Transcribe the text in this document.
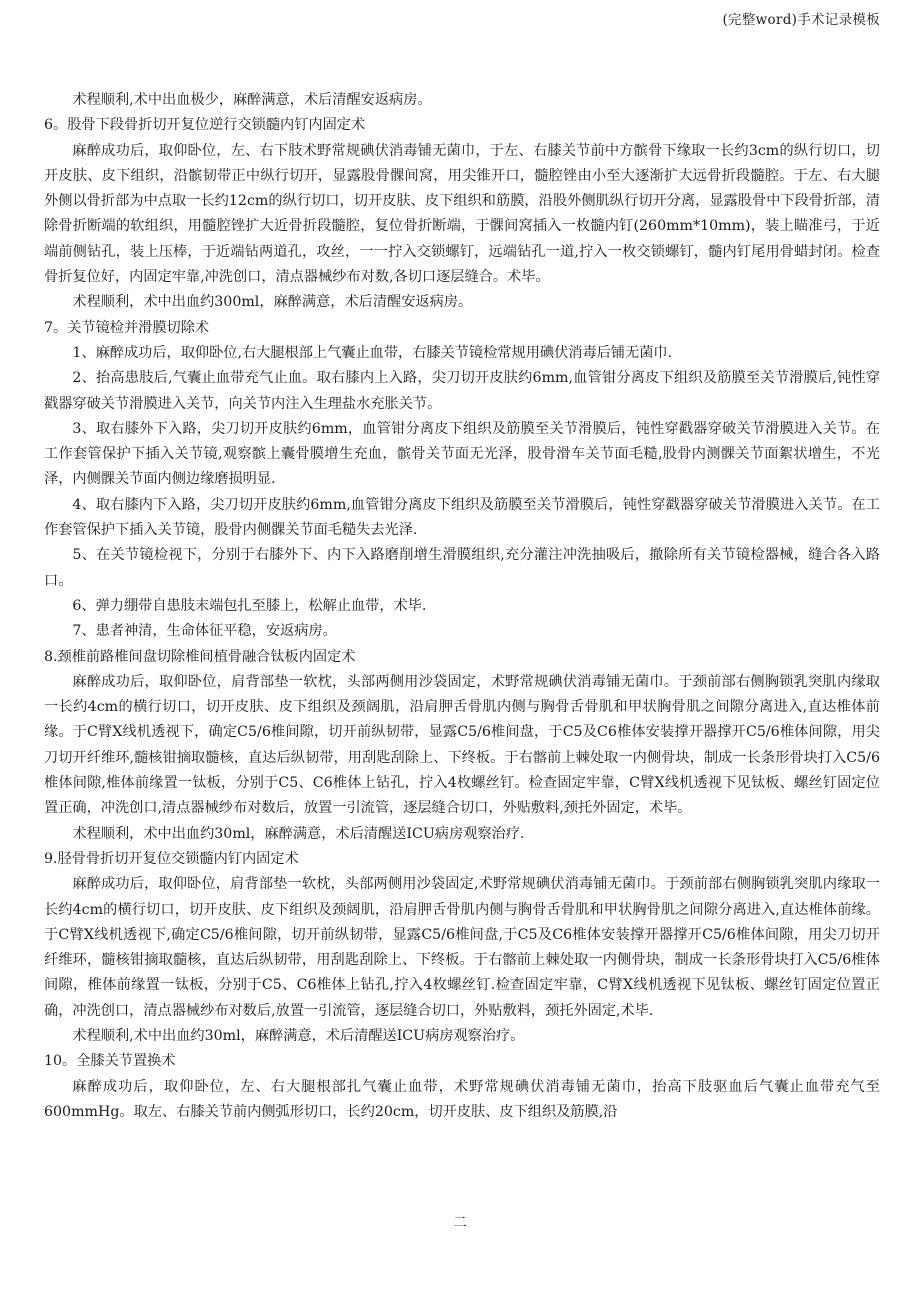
(完整word)手术记录模板

术程顺利,术中出血极少，麻醉满意，术后清醒安返病房。

6。股骨下段骨折切开复位逆行交锁髓内钉内固定术

麻醉成功后，取仰卧位，左、右下肢术野常规碘伏消毒铺无菌巾，于左、右膝关节前中方髌骨下缘取一长约3cm的纵行切口，切开皮肤、皮下组织，沿髌韧带正中纵行切开，显露股骨髁间窝，用尖锥开口，髓腔锉由小至大逐渐扩大远骨折段髓腔。于左、右大腿外侧以骨折部为中点取一长约12cm的纵行切口，切开皮肤、皮下组织和筋膜，沿股外侧肌纵行切开分离，显露股骨中下段骨折部，清除骨折断端的软组织，用髓腔锉扩大近骨折段髓腔，复位骨折断端，于髁间窝插入一枚髓内钉(260mm*10mm)，装上瞄准弓，于近端前侧钻孔，装上压棒，于近端钻两道孔，攻丝，一一拧入交锁螺钉，远端钻孔一道,拧入一枚交锁螺钉，髓内钉尾用骨蜡封闭。检查骨折复位好，内固定牢靠,冲洗创口，清点器械纱布对数,各切口逐层缝合。术毕。

术程顺利，术中出血约300ml，麻醉满意，术后清醒安返病房。

7。关节镜检并滑膜切除术

1、麻醉成功后，取仰卧位,右大腿根部上气囊止血带，右膝关节镜检常规用碘伏消毒后铺无菌巾.

2、抬高患肢后,气囊止血带充气止血。取右膝内上入路，尖刀切开皮肤约6mm,血管钳分离皮下组织及筋膜至关节滑膜后,钝性穿戳器穿破关节滑膜进入关节，向关节内注入生理盐水充胀关节。

3、取右膝外下入路，尖刀切开皮肤约6mm，血管钳分离皮下组织及筋膜至关节滑膜后，钝性穿戳器穿破关节滑膜进入关节。在工作套管保护下插入关节镜,观察髌上囊骨膜增生充血，髌骨关节面无光泽，股骨滑车关节面毛糙,股骨内测髁关节面絮状增生，不光泽，内侧髁关节面内侧边缘磨损明显.

4、取右膝内下入路，尖刀切开皮肤约6mm,血管钳分离皮下组织及筋膜至关节滑膜后，钝性穿戳器穿破关节滑膜进入关节。在工作套管保护下插入关节镜，股骨内侧髁关节面毛糙失去光泽.

5、在关节镜检视下，分别于右膝外下、内下入路磨削增生滑膜组织,充分灌注冲洗抽吸后，撤除所有关节镜检器械，缝合各入路口。

6、弹力绷带自患肢末端包扎至膝上，松解止血带，术毕.

7、患者神清，生命体征平稳，安返病房。

8.颈椎前路椎间盘切除椎间植骨融合钛板内固定术

麻醉成功后，取仰卧位，肩背部垫一软枕，头部两侧用沙袋固定，术野常规碘伏消毒铺无菌巾。于颈前部右侧胸锁乳突肌内缘取一长约4cm的横行切口，切开皮肤、皮下组织及颈阔肌，沿肩胛舌骨肌内侧与胸骨舌骨肌和甲状胸骨肌之间隙分离进入,直达椎体前缘。于C臂X线机透视下，确定C5/6椎间隙，切开前纵韧带，显露C5/6椎间盘，于C5及C6椎体安装撑开器撑开C5/6椎体间隙，用尖刀切开纤维环,髓核钳摘取髓核，直达后纵韧带，用刮匙刮除上、下终板。于右髂前上棘处取一内侧骨块，制成一长条形骨块打入C5/6椎体间隙,椎体前缘置一钛板，分别于C5、C6椎体上钻孔，拧入4枚螺丝钉。检查固定牢靠，C臂X线机透视下见钛板、螺丝钉固定位置正确，冲洗创口,清点器械纱布对数后，放置一引流管，逐层缝合切口，外贴敷料,颈托外固定，术毕。

术程顺利，术中出血约30ml，麻醉满意，术后清醒送ICU病房观察治疗.

9.胫骨骨折切开复位交锁髓内钉内固定术

麻醉成功后，取仰卧位，肩背部垫一软枕，头部两侧用沙袋固定,术野常规碘伏消毒铺无菌巾。于颈前部右侧胸锁乳突肌内缘取一长约4cm的横行切口，切开皮肤、皮下组织及颈阔肌，沿肩胛舌骨肌内侧与胸骨舌骨肌和甲状胸骨肌之间隙分离进入,直达椎体前缘。于C臂X线机透视下,确定C5/6椎间隙，切开前纵韧带，显露C5/6椎间盘,于C5及C6椎体安装撑开器撑开C5/6椎体间隙，用尖刀切开纤维环，髓核钳摘取髓核，直达后纵韧带，用刮匙刮除上、下终板。于右髂前上棘处取一内侧骨块，制成一长条形骨块打入C5/6椎体间隙，椎体前缘置一钛板，分别于C5、C6椎体上钻孔,拧入4枚螺丝钉.检查固定牢靠，C臂X线机透视下见钛板、螺丝钉固定位置正确，冲洗创口，清点器械纱布对数后,放置一引流管，逐层缝合切口，外贴敷料，颈托外固定,术毕.

术程顺利,术中出血约30ml，麻醉满意，术后清醒送ICU病房观察治疗。

10。全膝关节置换术

麻醉成功后，取仰卧位，左、右大腿根部扎气囊止血带，术野常规碘伏消毒铺无菌巾，抬高下肢驱血后气囊止血带充气至600mmHg。取左、右膝关节前内侧弧形切口，长约20cm，切开皮肤、皮下组织及筋膜,沿

二
